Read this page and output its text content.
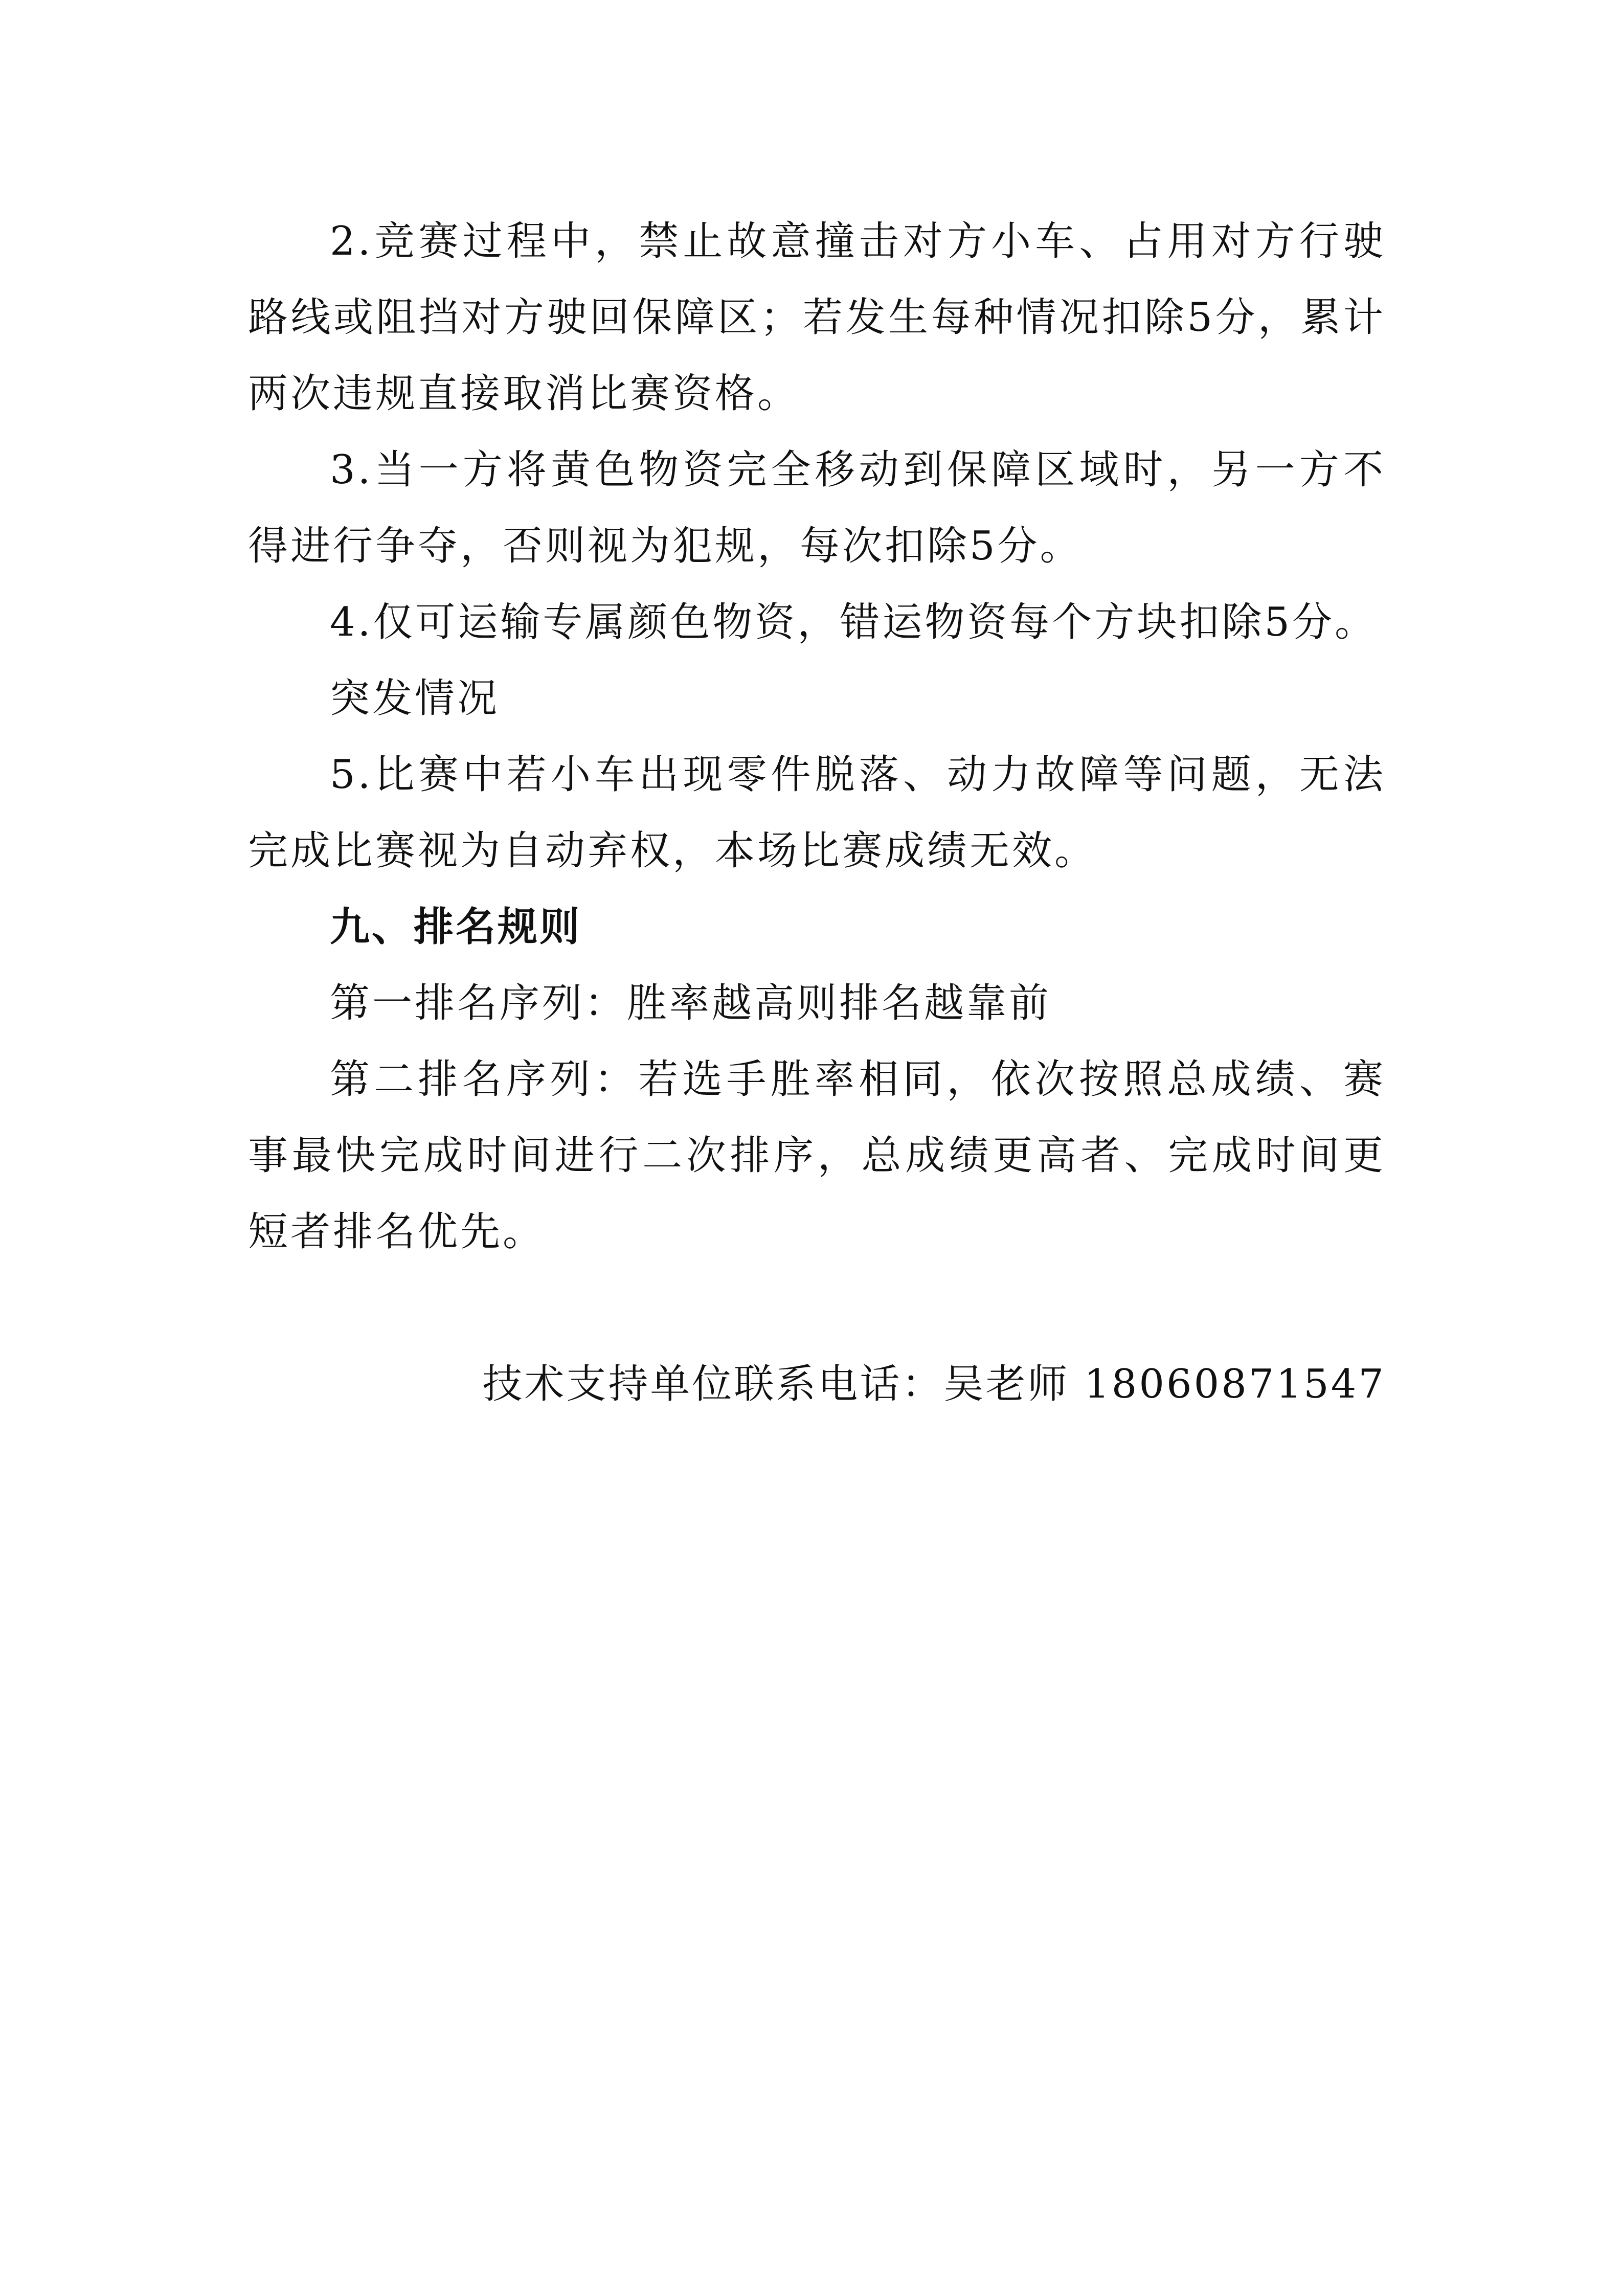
2.竞赛过程中，禁止故意撞击对方小车、占用对方行驶路线或阻挡对方驶回保障区；若发生每种情况扣除5分，累计两次违规直接取消比赛资格。

3.当一方将黄色物资完全移动到保障区域时，另一方不得进行争夺，否则视为犯规，每次扣除5分。

4.仅可运输专属颜色物资，错运物资每个方块扣除5分。

突发情况

5.比赛中若小车出现零件脱落、动力故障等问题，无法完成比赛视为自动弃权，本场比赛成绩无效。

九、排名规则

第一排名序列：胜率越高则排名越靠前

第二排名序列：若选手胜率相同，依次按照总成绩、赛事最快完成时间进行二次排序，总成绩更高者、完成时间更短者排名优先。

技术支持单位联系电话：吴老师 18060871547
